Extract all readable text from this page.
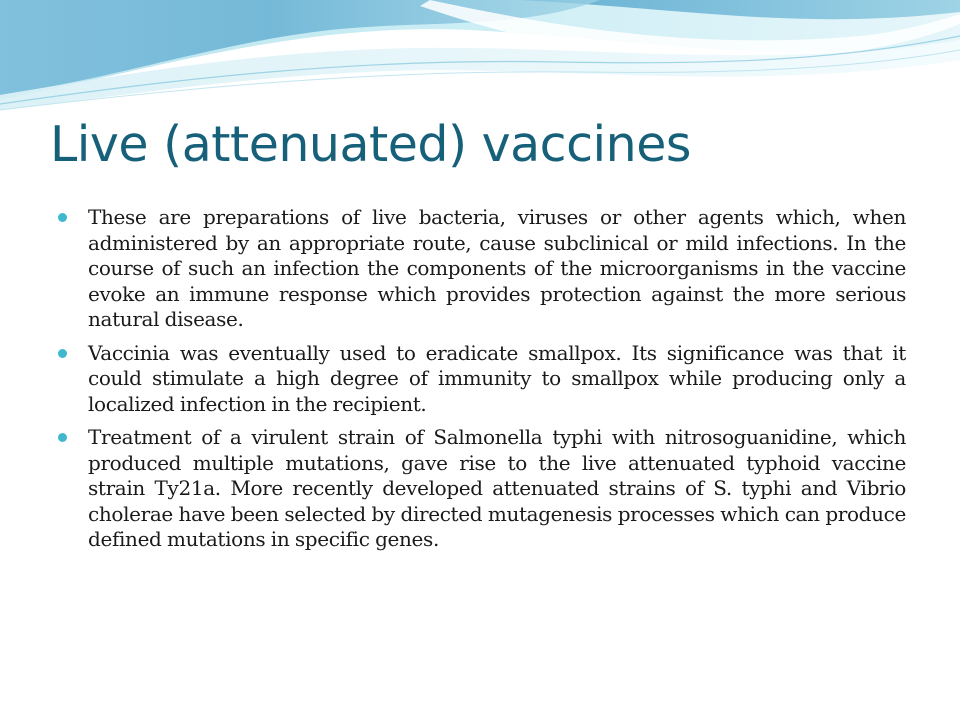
Live (attenuated) vaccines
These are preparations of live bacteria, viruses or other agents which, when administered by an appropriate route, cause subclinical or mild infections. In the course of such an infection the components of the microorganisms in the vaccine evoke an immune response which provides protection against the more serious natural disease.
Vaccinia was eventually used to eradicate smallpox. Its significance was that it could stimulate a high degree of immunity to smallpox while producing only a localized infection in the recipient.
Treatment of a virulent strain of Salmonella typhi with nitrosoguanidine, which produced multiple mutations, gave rise to the live attenuated typhoid vaccine strain Ty21a. More recently developed attenuated strains of S. typhi and Vibrio cholerae have been selected by directed mutagenesis processes which can produce defined mutations in specific genes.
